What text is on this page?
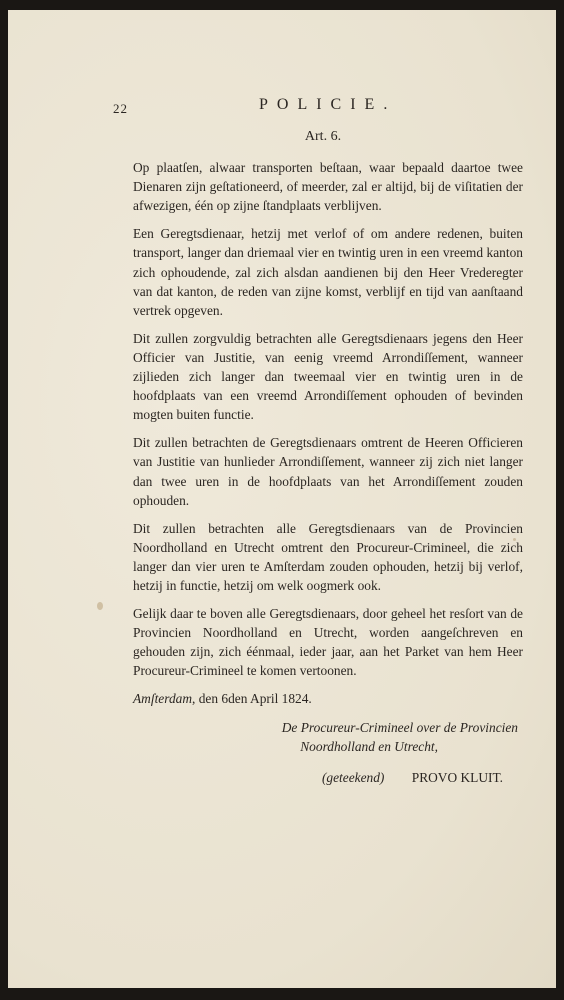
22	POLICIE.
Art. 6.

Op plaatſen, alwaar transporten beſtaan, waar bepaald daartoe twee Dienaren zijn geſtationeerd, of meerder, zal er altijd, bij de viſitatien der afwezigen, één op zijne ſtandplaats verblijven.

Een Geregtsdienaar, hetzij met verlof of om andere redenen, buiten transport, langer dan driemaal vier en twintig uren in een vreemd kanton zich ophoudende, zal zich alsdan aandienen bij den Heer Vrederegter van dat kanton, de reden van zijne komst, verblijf en tijd van aanſtaand vertrek opgeven.

Dit zullen zorgvuldig betrachten alle Geregtsdienaars jegens den Heer Officier van Justitie, van eenig vreemd Arrondiſſement, wanneer zijlieden zich langer dan tweemaal vier en twintig uren in de hoofdplaats van een vreemd Arrondiſſement ophouden of bevinden mogten buiten functie.

Dit zullen betrachten de Geregtsdienaars omtrent de Heeren Officieren van Justitie van hunlieder Arrondiſſement, wanneer zij zich niet langer dan twee uren in de hoofdplaats van het Arrondiſſement zouden ophouden.

Dit zullen betrachten alle Geregtsdienaars van de Provincien Noordholland en Utrecht omtrent den Procureur-Crimineel, die zich langer dan vier uren te Amſterdam zouden ophouden, hetzij bij verlof, hetzij in functie, hetzij om welk oogmerk ook.

Gelijk daar te boven alle Geregtsdienaars, door geheel het resſort van de Provincien Noordholland en Utrecht, worden aangeſchreven en gehouden zijn, zich éénmaal, ieder jaar, aan het Parket van hem Heer Procureur-Crimineel te komen vertoonen.

Amſterdam, den 6den April 1824.

De Procureur-Crimineel over de Provincien
Noordholland en Utrecht,
(geteekend) PROVO KLUIT.
